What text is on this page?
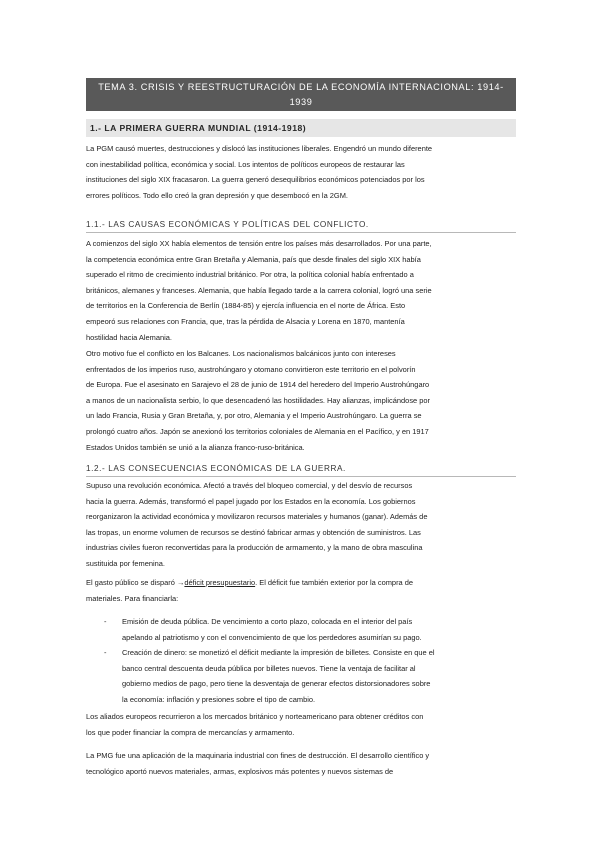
TEMA 3. CRISIS Y REESTRUCTURACIÓN DE LA ECONOMÍA INTERNACIONAL: 1914-
1939
1.- LA PRIMERA GUERRA MUNDIAL (1914-1918)

La PGM causó muertes, destrucciones y dislocó las instituciones liberales. Engendró un mundo diferente
con inestabilidad política, económica y social. Los intentos de políticos europeos de restaurar las
instituciones del siglo XIX fracasaron. La guerra generó desequilibrios económicos potenciados por los
errores políticos. Todo ello creó la gran depresión y que desembocó en la 2GM.

1.1.- LAS CAUSAS ECONÓMICAS Y POLÍTICAS DEL CONFLICTO.

A comienzos del siglo XX había elementos de tensión entre los países más desarrollados. Por una parte,
la competencia económica entre Gran Bretaña y Alemania, país que desde finales del siglo XIX había
superado el ritmo de crecimiento industrial británico. Por otra, la política colonial había enfrentado a
británicos, alemanes y franceses. Alemania, que había llegado tarde a la carrera colonial, logró una serie
de territorios en la Conferencia de Berlín (1884-85) y ejercía influencia en el norte de África. Esto
empeoró sus relaciones con Francia, que, tras la pérdida de Alsacia y Lorena en 1870, mantenía
hostilidad hacia Alemania.

Otro motivo fue el conflicto en los Balcanes. Los nacionalismos balcánicos junto con intereses
enfrentados de los imperios ruso, austrohúngaro y otomano convirtieron este territorio en el polvorín
de Europa. Fue el asesinato en Sarajevo el 28 de junio de 1914 del heredero del Imperio Austrohúngaro
a manos de un nacionalista serbio, lo que desencadenó las hostilidades. Hay alianzas, implicándose por
un lado Francia, Rusia y Gran Bretaña, y, por otro, Alemania y el Imperio Austrohúngaro. La guerra se
prolongó cuatro años. Japón se anexionó los territorios coloniales de Alemania en el Pacífico, y en 1917
Estados Unidos también se unió a la alianza franco-ruso-británica.

1.2.- LAS CONSECUENCIAS ECONÓMICAS DE LA GUERRA.

Supuso una revolución económica. Afectó a través del bloqueo comercial, y del desvío de recursos
hacia la guerra. Además, transformó el papel jugado por los Estados en la economía. Los gobiernos
reorganizaron la actividad económica y movilizaron recursos materiales y humanos (ganar). Además de
las tropas, un enorme volumen de recursos se destinó fabricar armas y obtención de suministros. Las
industrias civiles fueron reconvertidas para la producción de armamento, y la mano de obra masculina
sustituida por femenina.

El gasto público se disparó →déficit presupuestario. El déficit fue también exterior por la compra de
materiales. Para financiarla:

- Emisión de deuda pública. De vencimiento a corto plazo, colocada en el interior del país
apelando al patriotismo y con el convencimiento de que los perdedores asumirían su pago.
- Creación de dinero: se monetizó el déficit mediante la impresión de billetes. Consiste en que el
banco central descuenta deuda pública por billetes nuevos. Tiene la ventaja de facilitar al
gobierno medios de pago, pero tiene la desventaja de generar efectos distorsionadores sobre
la economía: inflación y presiones sobre el tipo de cambio.

Los aliados europeos recurrieron a los mercados británico y norteamericano para obtener créditos con
los que poder financiar la compra de mercancías y armamento.

La PMG fue una aplicación de la maquinaria industrial con fines de destrucción. El desarrollo científico y
tecnológico aportó nuevos materiales, armas, explosivos más potentes y nuevos sistemas de
